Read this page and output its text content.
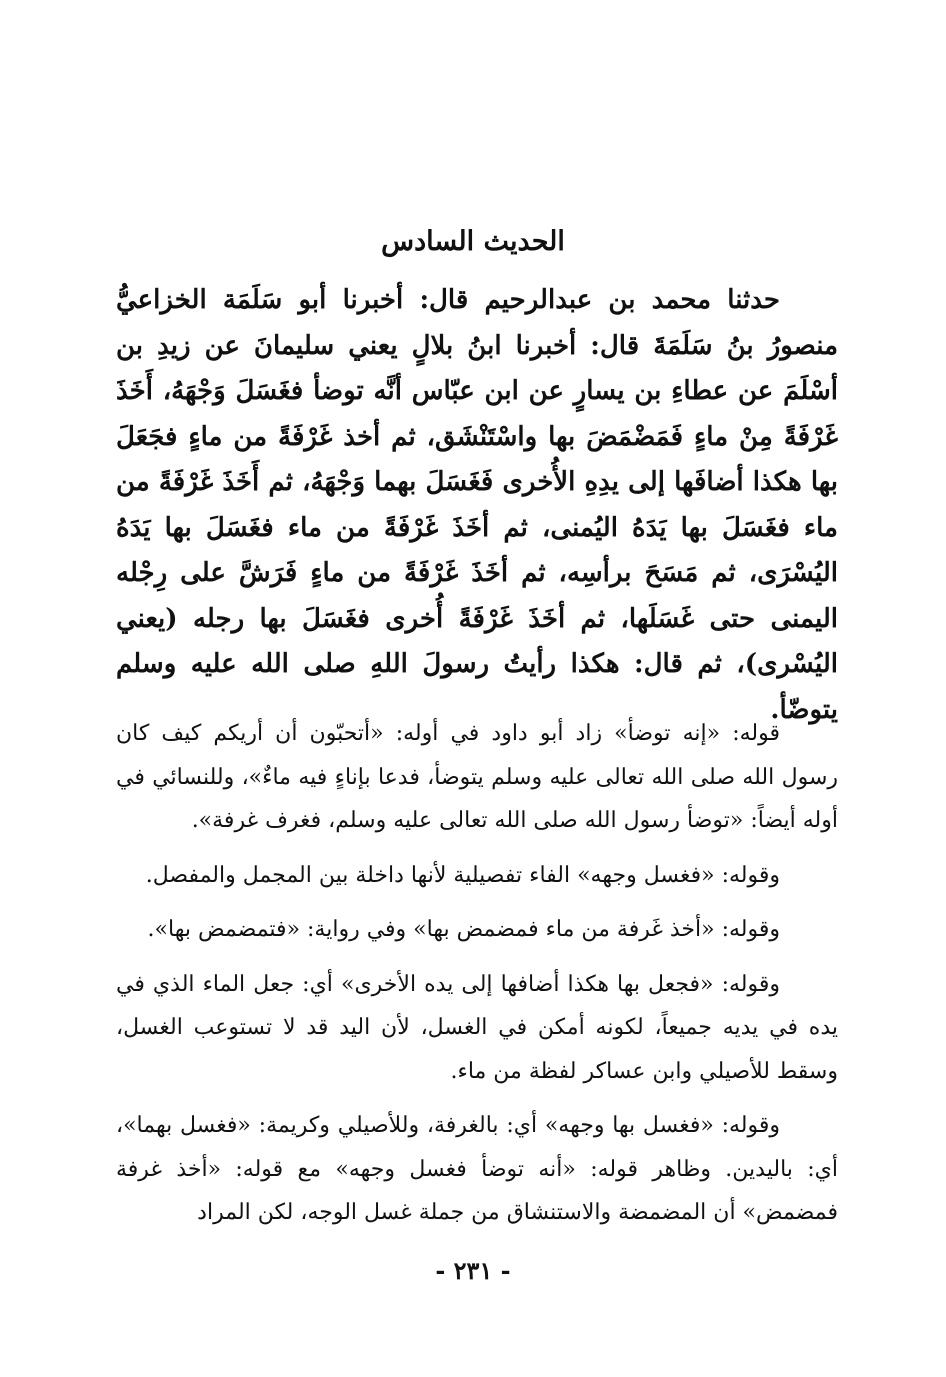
الحديث السادس

حدثنا محمد بن عبدالرحيم قال: أخبرنا أبو سَلَمَة الخزاعيُّ منصورُ بنُ سَلَمَةَ قال: أخبرنا ابنُ بلالٍ يعني سليمانَ عن زيدِ بن أسْلَمَ عن عطاءِ بن يسارٍ عن ابن عبّاس أنَّه توضأ فغَسَلَ وَجْهَهُ، أَخَذَ غَرْفَةً مِنْ ماءٍ فَمَضْمَضَ بها واسْتَنْشَق، ثم أخذ غَرْفَةً من ماءٍ فجَعَلَ بها هكذا أضافَها إلى يدِهِ الأُخرى فَغَسَلَ بهما وَجْهَهُ، ثم أَخَذَ غَرْفَةً من ماء فغَسَلَ بها يَدَهُ اليُمنى، ثم أخَذَ غَرْفَةً من ماء فغَسَلَ بها يَدَهُ اليُسْرَى، ثم مَسَحَ برأسِه، ثم أخَذَ غَرْفَةً من ماءٍ فَرَشَّ على رِجْله اليمنى حتى غَسَلَها، ثم أخَذَ غَرْفَةً أُخرى فغَسَلَ بها رجله (يعني اليُسْرى)، ثم قال: هكذا رأيتُ رسولَ اللهِ صلى الله عليه وسلم يتوضّأ.

قوله: «إنه توضأ» زاد أبو داود في أوله: «أتحبّون أن أريكم كيف كان رسول الله صلى الله تعالى عليه وسلم يتوضأ، فدعا بإناءٍ فيه ماءٌ»، وللنسائي في أوله أيضاً: «توضأ رسول الله صلى الله تعالى عليه وسلم، فغرف غرفة».

وقوله: «فغسل وجهه» الفاء تفصيلية لأنها داخلة بين المجمل والمفصل.

وقوله: «أخذ غَرفة من ماء فمضمض بها» وفي رواية: «فتمضمض بها».

وقوله: «فجعل بها هكذا أضافها إلى يده الأخرى» أي: جعل الماء الذي في يده في يديه جميعاً، لكونه أمكن في الغسل، لأن اليد قد لا تستوعب الغسل، وسقط للأصيلي وابن عساكر لفظة من ماء.

وقوله: «فغسل بها وجهه» أي: بالغرفة، وللأصيلي وكريمة: «فغسل بهما»، أي: باليدين. وظاهر قوله: «أنه توضأ فغسل وجهه» مع قوله: «أخذ غرفة فمضمض» أن المضمضة والاستنشاق من جملة غسل الوجه، لكن المراد

- ٢٣١ -
